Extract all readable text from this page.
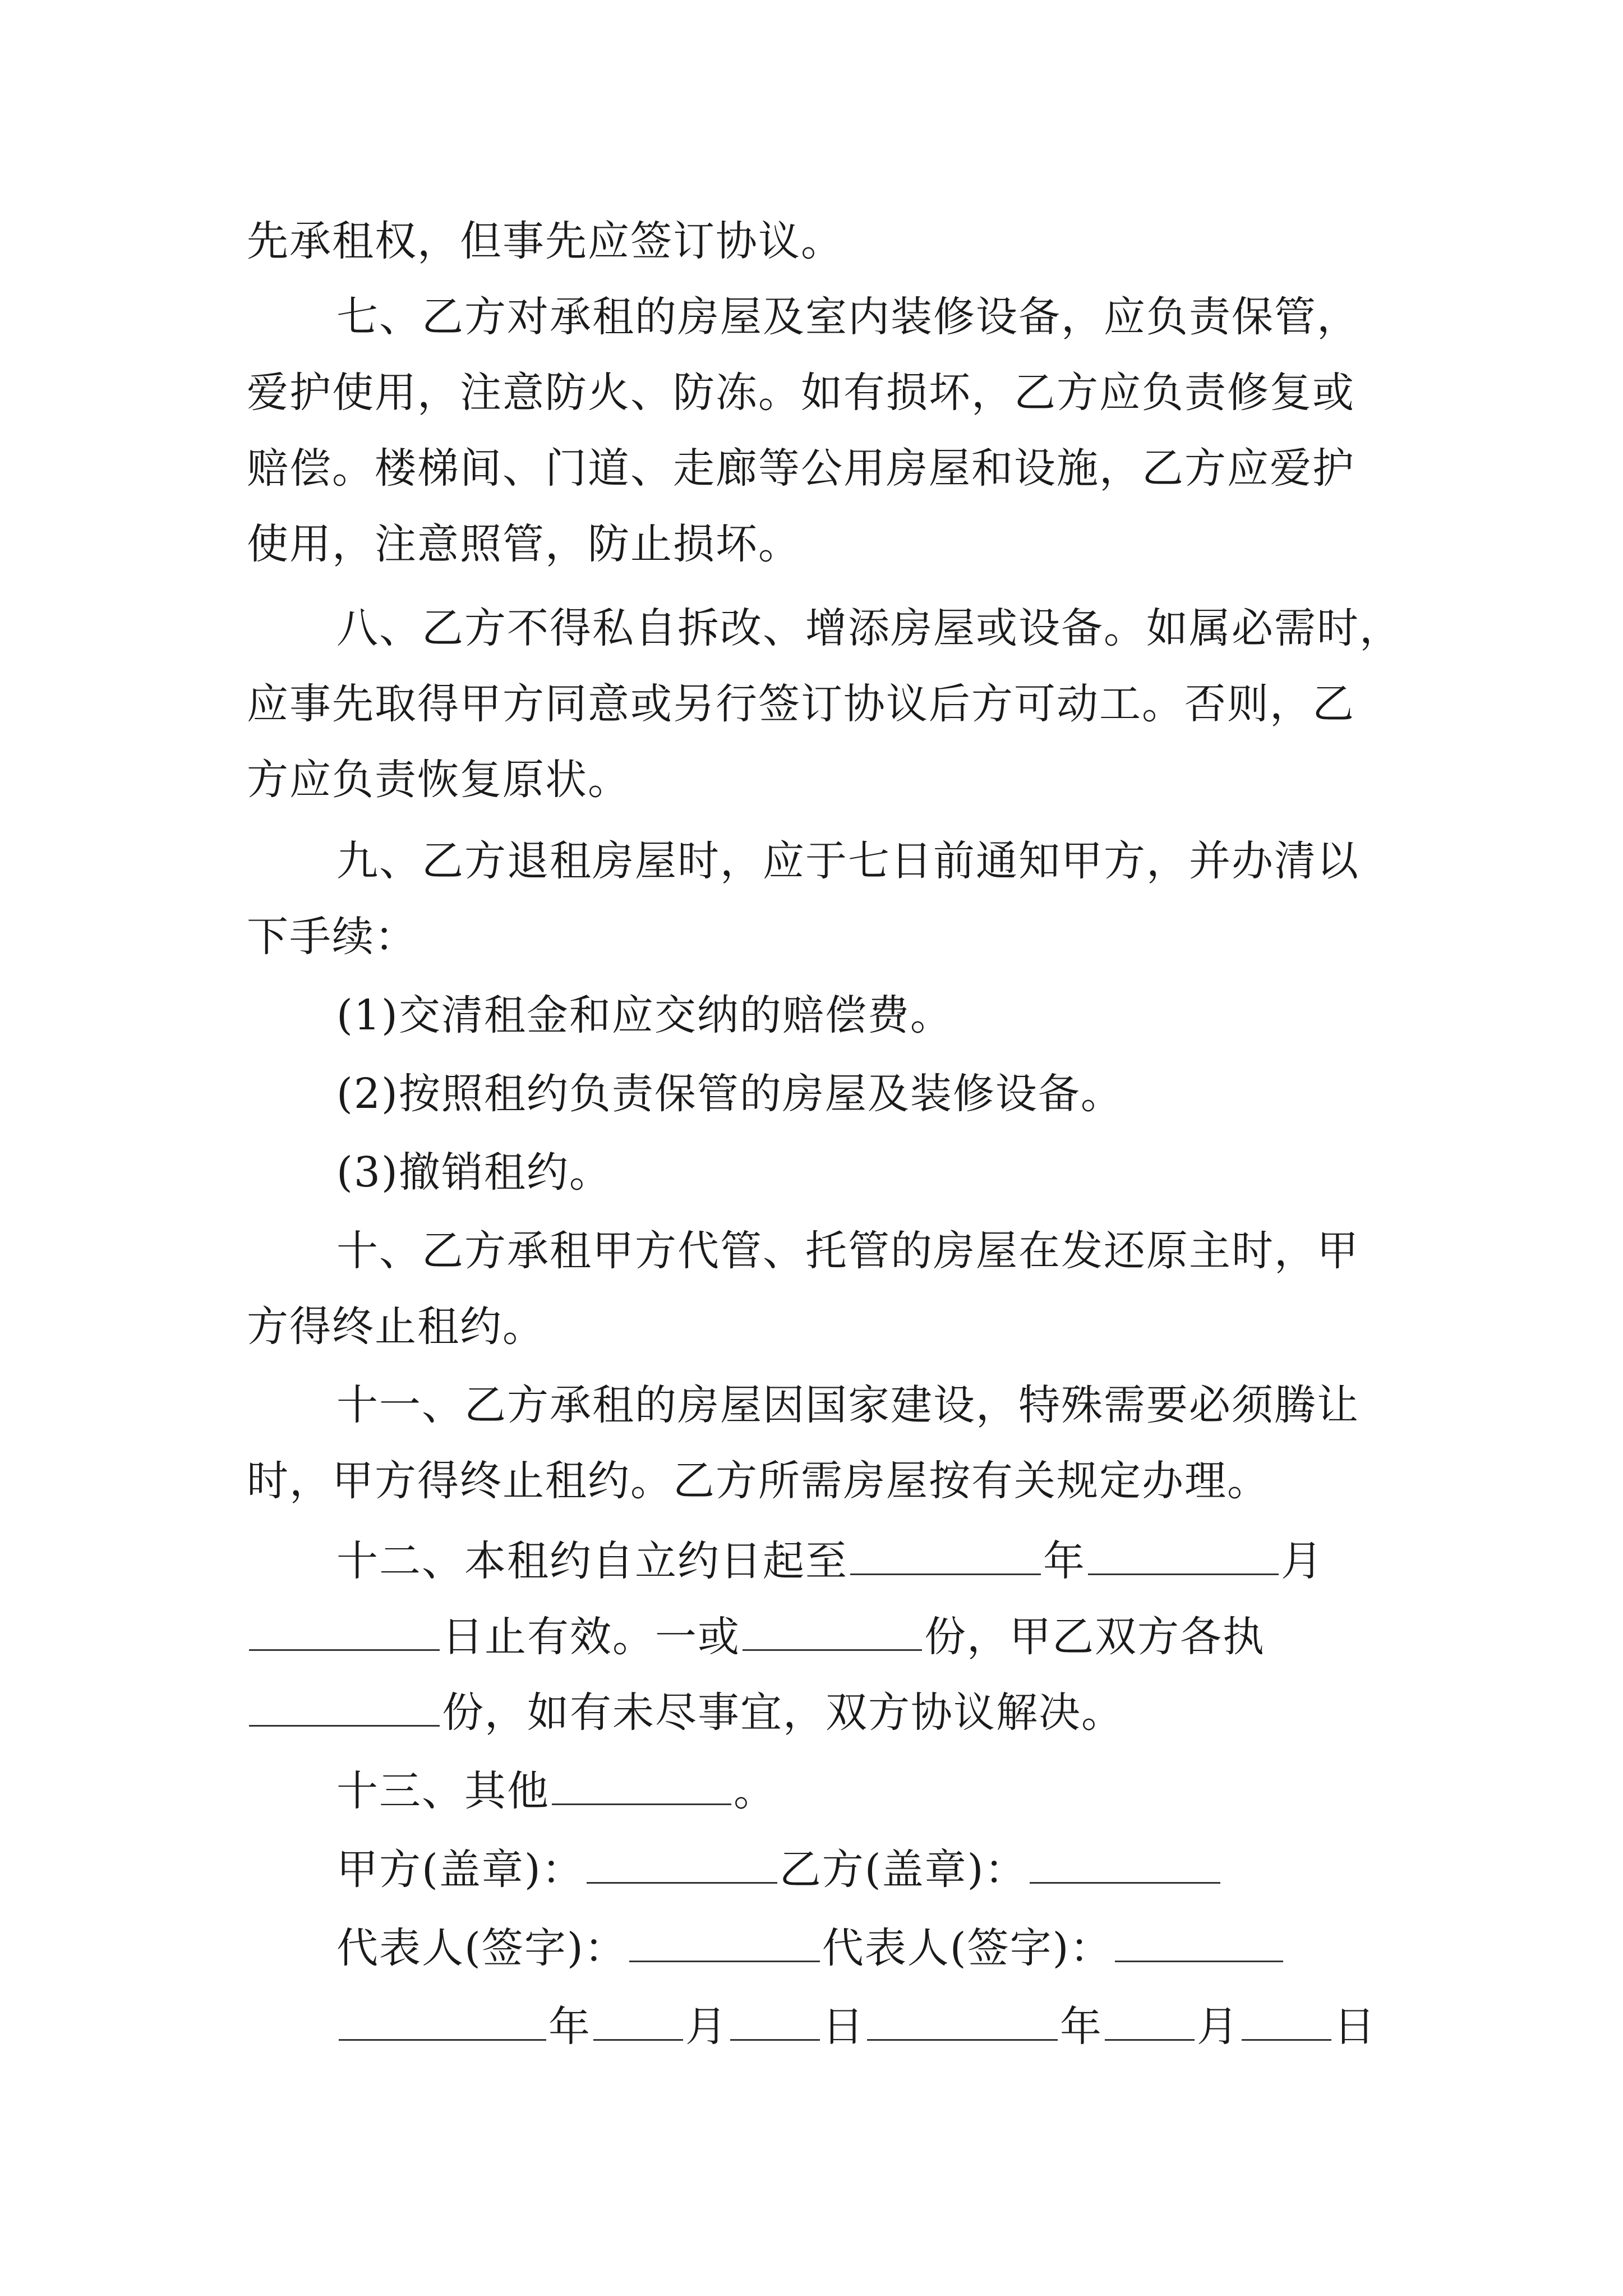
先承租权，但事先应签订协议。
七、乙方对承租的房屋及室内装修设备，应负责保管，
爱护使用，注意防火、防冻。如有损坏，乙方应负责修复或
赔偿。楼梯间、门道、走廊等公用房屋和设施，乙方应爱护
使用，注意照管，防止损坏。
八、乙方不得私自拆改、增添房屋或设备。如属必需时，
应事先取得甲方同意或另行签订协议后方可动工。否则，乙
方应负责恢复原状。
九、乙方退租房屋时，应于七日前通知甲方，并办清以
下手续：
(1)交清租金和应交纳的赔偿费。
(2)按照租约负责保管的房屋及装修设备。
(3)撤销租约。
十、乙方承租甲方代管、托管的房屋在发还原主时，甲
方得终止租约。
十一、乙方承租的房屋因国家建设，特殊需要必须腾让
时，甲方得终止租约。乙方所需房屋按有关规定办理。
十二、本租约自立约日起至	年	月
日止有效。一或	份，甲乙双方各执
份，如有未尽事宜，双方协议解决。
十三、其他	。
甲方(盖章)：	乙方(盖章)：
代表人(签字)：	代表人(签字)：
年 月 日	年 月 日
